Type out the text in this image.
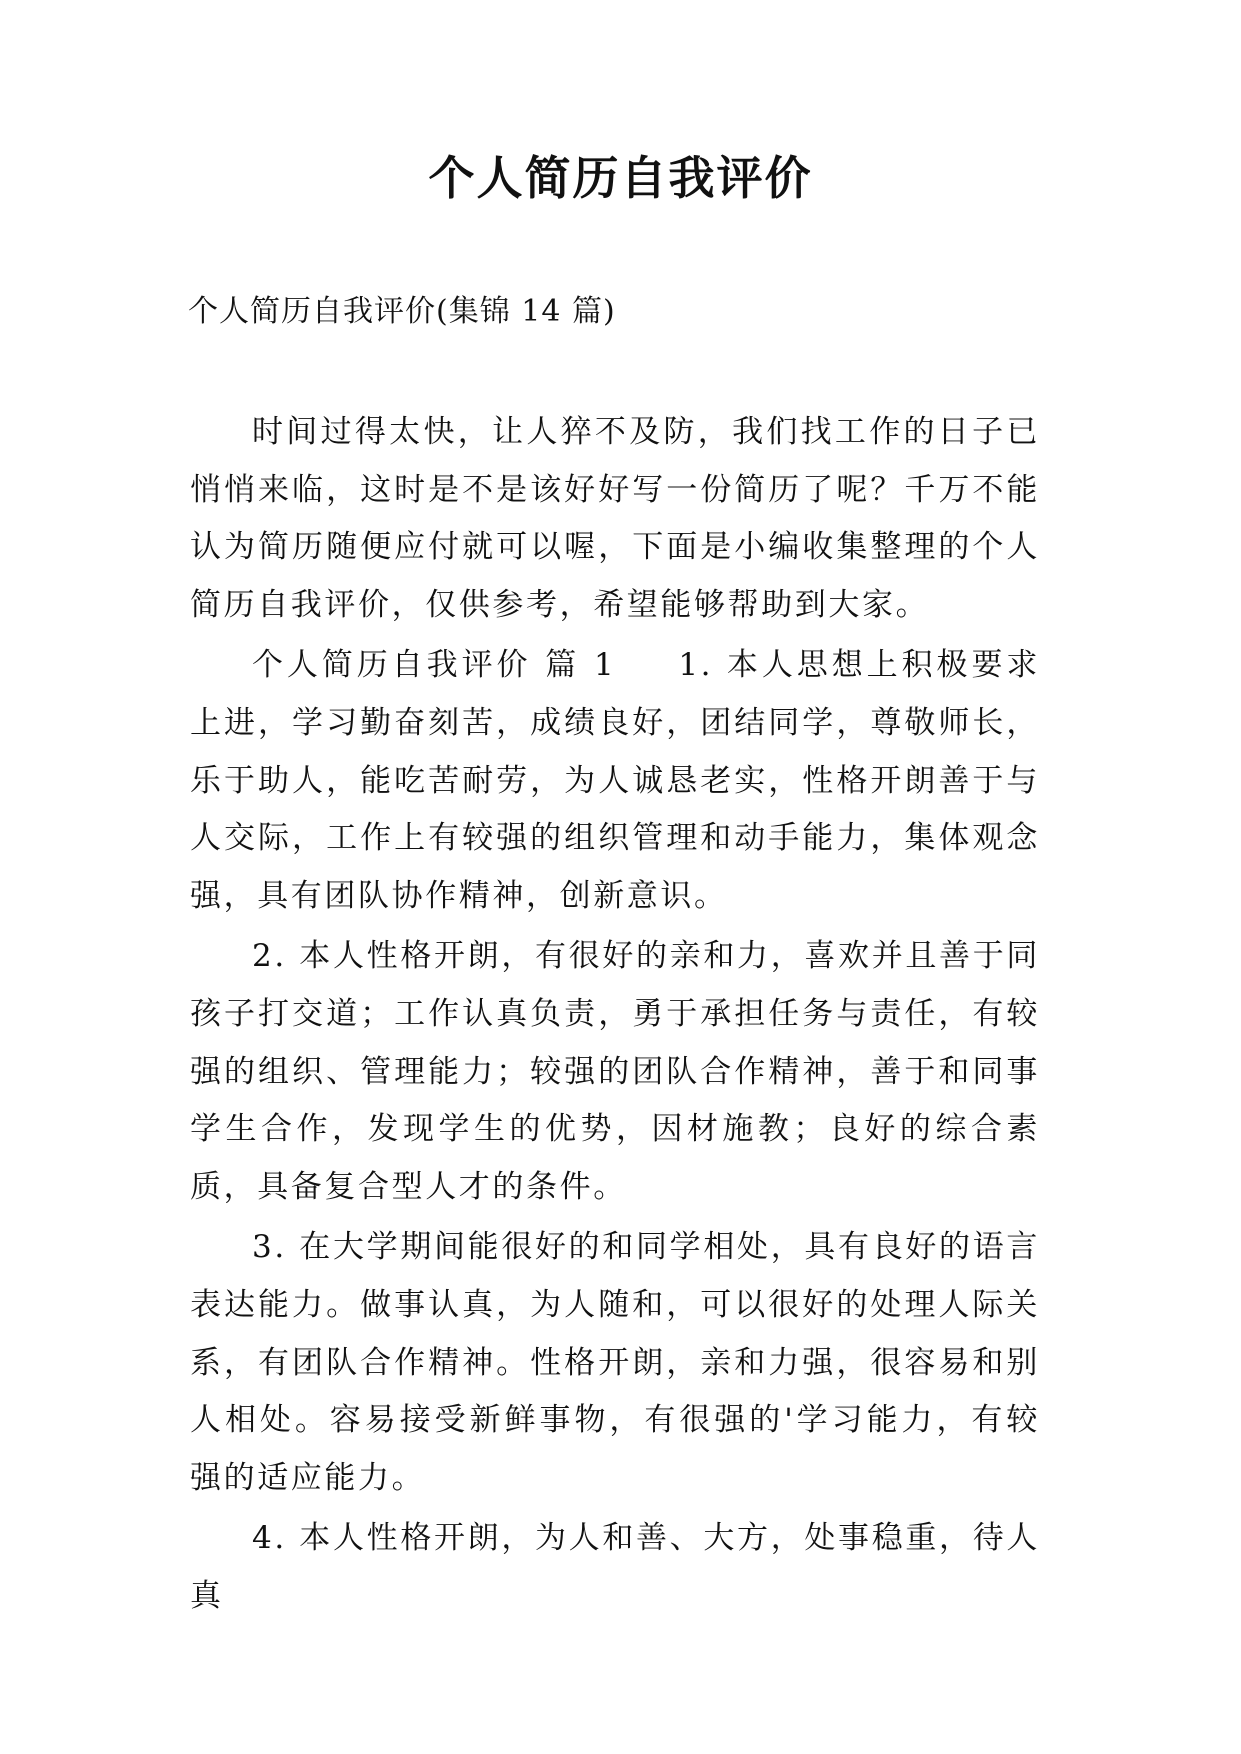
个人简历自我评价

个人简历自我评价(集锦 14 篇)

时间过得太快，让人猝不及防，我们找工作的日子已悄悄来临，这时是不是该好好写一份简历了呢？千万不能认为简历随便应付就可以喔，下面是小编收集整理的个人简历自我评价，仅供参考，希望能够帮助到大家。

个人简历自我评价 篇 1 1. 本人思想上积极要求上进，学习勤奋刻苦，成绩良好，团结同学，尊敬师长，乐于助人，能吃苦耐劳，为人诚恳老实，性格开朗善于与人交际，工作上有较强的组织管理和动手能力，集体观念强，具有团队协作精神，创新意识。

2. 本人性格开朗，有很好的亲和力，喜欢并且善于同孩子打交道；工作认真负责，勇于承担任务与责任，有较强的组织、管理能力；较强的团队合作精神，善于和同事学生合作，发现学生的优势，因材施教；良好的综合素质，具备复合型人才的条件。

3. 在大学期间能很好的和同学相处，具有良好的语言表达能力。做事认真，为人随和，可以很好的处理人际关系，有团队合作精神。性格开朗，亲和力强，很容易和别人相处。容易接受新鲜事物，有很强的'学习能力，有较强的适应能力。

4. 本人性格开朗，为人和善、大方，处事稳重，待人真
